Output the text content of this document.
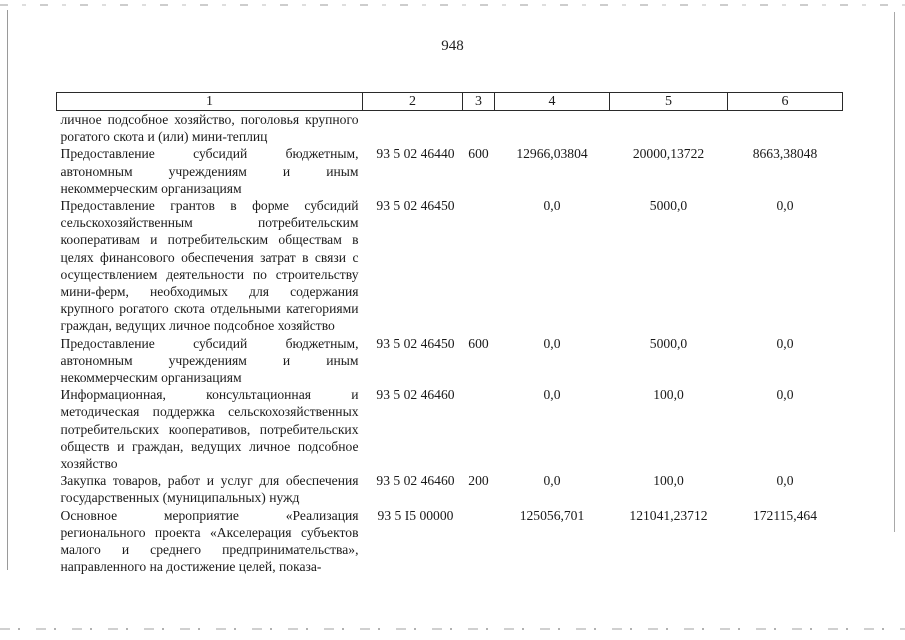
948
1	2	3	4	5	6
личное подсобное хозяйство, поголовья крупного рогатого скота и (или) мини-теплиц					
Предоставление субсидий бюджетным, автономным учреждениям и иным некоммерческим организациям	93 5 02 46440	600	12966,03804	20000,13722	8663,38048
Предоставление грантов в форме субсидий сельскохозяйственным потребительским кооперативам и потребительским обществам в целях финансового обеспечения затрат в связи с осуществлением деятельности по строительству мини-ферм, необходимых для содержания крупного рогатого скота отдельными категориями граждан, ведущих личное подсобное хозяйство	93 5 02 46450		0,0	5000,0	0,0
Предоставление субсидий бюджетным, автономным учреждениям и иным некоммерческим организациям	93 5 02 46450	600	0,0	5000,0	0,0
Информационная, консультационная и методическая поддержка сельскохозяйственных потребительских кооперативов, потребительских обществ и граждан, ведущих личное подсобное хозяйство	93 5 02 46460		0,0	100,0	0,0
Закупка товаров, работ и услуг для обеспечения государственных (муниципальных) нужд	93 5 02 46460	200	0,0	100,0	0,0
Основное мероприятие «Реализация регионального проекта «Акселерация субъектов малого и среднего предпринимательства», направленного на достижение целей, показа-	93 5 I5 00000		125056,701	121041,23712	172115,464
